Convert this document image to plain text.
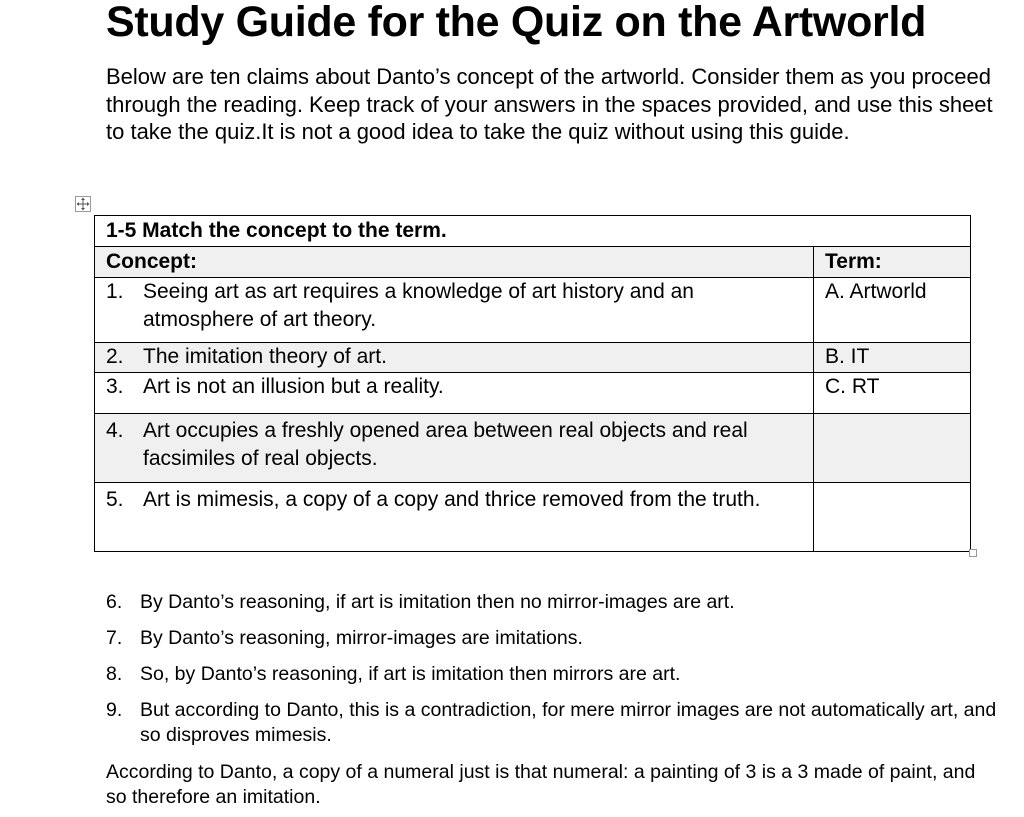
Study Guide for the Quiz on the Artworld

Below are ten claims about Danto’s concept of the artworld. Consider them as you proceed through the reading. Keep track of your answers in the spaces provided, and use this sheet to take the quiz.It is not a good idea to take the quiz without using this guide.

1-5 Match the concept to the term.	
Concept:	Term:

1. Seeing art as art requires a knowledge of art history and an atmosphere of art theory.	A. Artworld

2. The imitation theory of art.	B. IT

3. Art is not an illusion but a reality.	C. RT

4. Art occupies a freshly opened area between real objects and real facsimiles of real objects.	

5. Art is mimesis, a copy of a copy and thrice removed from the truth.	

6. By Danto’s reasoning, if art is imitation then no mirror-images are art.
7. By Danto’s reasoning, mirror-images are imitations.
8. So, by Danto’s reasoning, if art is imitation then mirrors are art.
9. But according to Danto, this is a contradiction, for mere mirror images are not automatically art, and so disproves mimesis.

According to Danto, a copy of a numeral just is that numeral: a painting of 3 is a 3 made of paint, and so therefore an imitation.
